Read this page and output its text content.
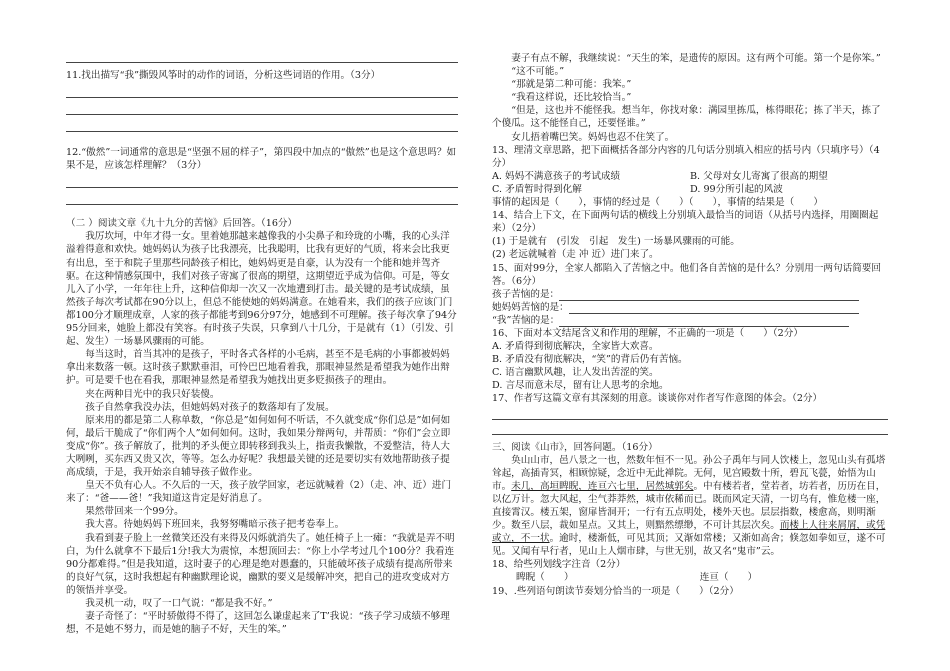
11.找出描写“我”撕毁风筝时的动作的词语，分析这些词语的作用。（3分）

12.“傲然”一词通常的意思是“坚强不屈的样子”，第四段中加点的“傲然”也是这个意思吗？如果不是，应该怎样理解？（3分）

（二 ）阅读文章《九十九分的苦恼》后回答。（16分）

我厉坎坷，中年才得一女。里着她那越来越像我的小尖鼻子和玲珑的小嘴，我的心头洋溢着得意和欢快。她妈妈认为孩子比我漂亮，比我聪明，比我有更好的气质，将来会比我更有出息，至于和院子里那些同龄孩子相比，她妈妈更是自豪，认为没有一个能和她并驾齐驱。在这种情感氛围中，我们对孩子寄寓了很高的期望，这期望近乎成为信仰。可是，等女儿入了小学，一年年往上升，这种信仰却一次又一次地遭到打击。最关键的是考试成绩，虽然孩子每次考试都在90分以上，但总不能使她的妈妈满意。在她看来，我们的孩子应该门门都100分才顺理成章，人家的孩子都能考到96分97分，她感到不可理解。孩子每次拿了94分95分回来，她脸上都没有笑容。有时孩子失误，只拿到八十几分，于是就有（1）（引发、引起、发生）一场暴风骤雨的可能。

每当这时，首当其冲的是孩子，平时各式各样的小毛病，甚至不是毛病的小事都被妈妈拿出来数落一顿。这时孩子默默垂泪，可怜巴巴地看着我，那眼神显然是希望我为她作出辩护。可是要千也在看我，那眼神显然是希望我为她找出更多贬损孩子的理由。

夹在两种目光中的我只好装傻。

孩子自然拿我没办法，但她妈妈对孩子的数落却有了发展。

原来用的都是第二人称单数，“你总是”如何如何不听话，不久就变成“你们总是”如何如何，最后干脆成了“你们两个人”如何如何。这时，我如果分辩两句，并帮质：“你们”会立即变成“你”。孩子解放了，批判的矛头便立即转移到我头上，指责我懒散，不爱整洁，待人大大咧咧，买东西又贵又次，等等。怎么办好呢？我想最关键的还是要切实有效地帮助孩子提高成绩，于是，我开始亲自辅导孩子做作业。

皇天不负有心人。不久后的一天，孩子放学回家，老远就喊着（2）（走、冲、近）进门来了：“爸——爸！”我知道这肯定是好消息了。

果然带回来一个99分。

我大喜。待她妈妈下班回来，我努努嘴暗示孩子把考卷奉上。

我看到妻子脸上一丝微笑还没有来得及闪烁就消失了。她任椅子上一瘫：“我就是弄不明白，为什么就拿不下最后1分!我大为震惊，本想顶回去：“你上小学考过几个100分？我看连90分都难得。”但是我知道，这时妻子的心理是绝对愚蠢的，只能破坏孩子成绩有提高所带来的良好气氛，这时我想起有种幽默理论说，幽默的要义是缓解冲突，把自己的进攻变成对方的领悟并享受。

我灵机一动，叹了一口气说：“都是我不好。”

妻子奇怪了：“平时骄傲得不得了，这回怎么谦虚起来了T’我说：“孩子学习成绩不够理想，不是她不努力，而是她的脑子不好，天生的笨。”

妻子有点不解，我继续说：“天生的笨，是遗传的原因。这有两个可能。第一个是你笨。”

“这不可能。”

“那就是第二种可能：我笨。”

“我看这样说，还比较恰当。”

“但是，这也并不能怪我。想当年，你找对象：满园里拣瓜，栋得眼花；拣了半天，拣了个傻瓜。这不能怪自己，还要怪谁。”

女儿捂着嘴巴笑。妈妈也忍不住笑了。

13、理清文章思路，把下面概括各部分内容的几句话分别填入相应的括号内（只填序号）（4分）

A. 妈妈不满意孩子的考试成绩	B. 父母对女儿寄寓了很高的期望
C. 矛盾暂时得到化解	D. 99分所引起的风波

事情的起因是（　　），事情的经过是（　　）（　　），事情的结果是（　　）

14、结合上下文，在下面两句话的横线上分别填入最恰当的词语（从括号内选择，用圈圈起来）（2分）

(1) 于是就有　(引发　引起　发生) 一场暴风骤雨的可能。

(2) 老远就喊着（走 冲 近）进门来了。

15、面对99分，全家人都陷入了苦恼之中。他们各自苦恼的是什么？分别用一两句话简要回答。（6分）

孩子苦恼的是：

她妈妈苦恼的是：

“我”苦恼的是：

16、下面对本文结尾含义和作用的理解，不正确的一项是（　　）（2分）

A. 矛盾得到彻底解决，全家皆大欢喜。

B. 矛盾没有彻底解决，“笑”的背后仍有苦恼。

C. 语言幽默风趣，让人发出苦涩的笑。

D. 言尽而意未尽，留有让人思考的余地。

17、作者写这篇文章有其深刻的用意。谈谈你对作者写作意图的体会。（2分）

三、阅读《山市》，回答问题。（16分）

奂山山市，邑八景之一也，然数年恒不一见。孙公子禹年与同人饮楼上，忽见山头有孤塔耸起，高插青冥，相顾惊疑，念近中无此禅院。无何，见宫殿数十所，碧瓦飞甍，始悟为山市。未几，高垣睥睨，连亘六七里，居然城郭矣。中有楼若者，堂若者，坊若者，历历在目，以亿万计。忽大风起，尘气莽莽然，城市依稀而已。既而风定天清，一切乌有，惟危楼一座，直接霄汉。楼五架，窗扉皆洞开；一行有五点明处，楼外天也。层层指数，楼愈高，则明渐少。数至八层，裁如星点。又其上，则黯然缥缈，不可计其层次矣。而楼上人往来屑屑，或凭或立，不一状。逾时，楼渐低，可见其顶；又渐如常楼；又渐如高舍；倏忽如拳如豆，遂不可见。又闻有早行者，见山上人烟市肆，与世无别，故又名“鬼市”云。

18、给些列划线字注音（2分）

睥睨（　　）	连亘（　　）

19、.些列语句朗读节奏划分恰当的一项是（　　）（2分）
